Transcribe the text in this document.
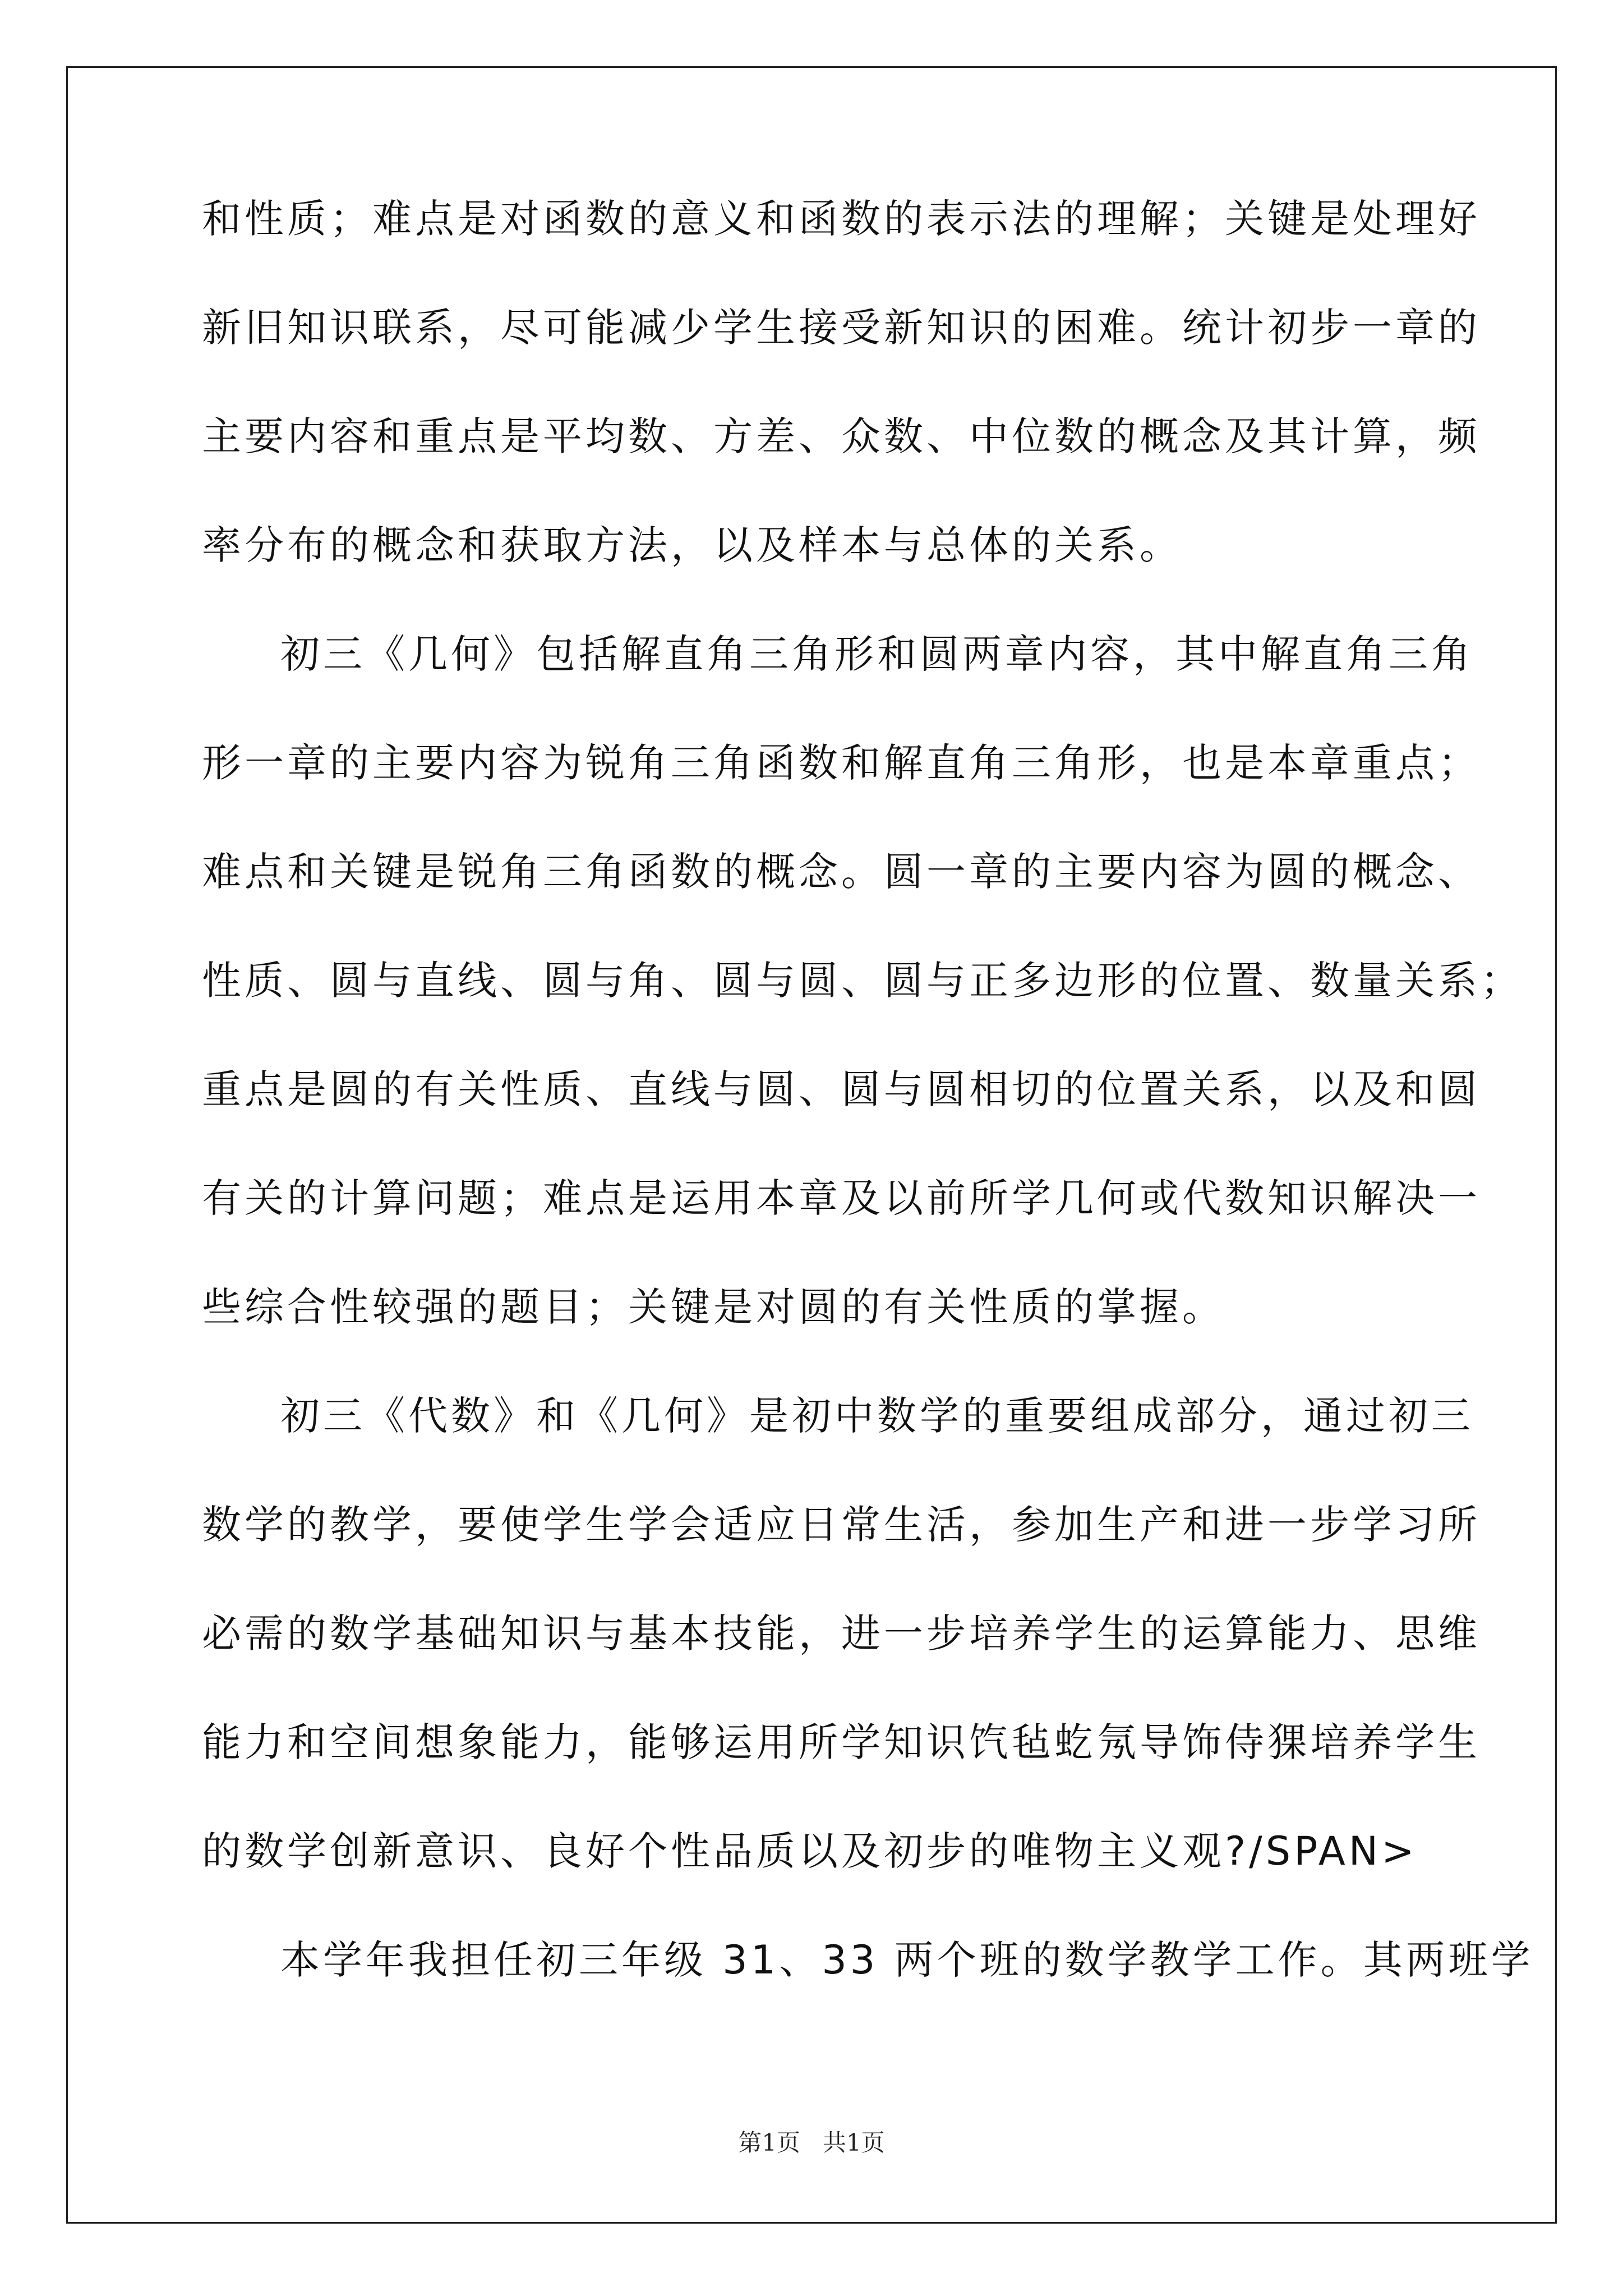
和性质；难点是对函数的意义和函数的表示法的理解；关键是处理好
新旧知识联系，尽可能减少学生接受新知识的困难。统计初步一章的
主要内容和重点是平均数、方差、众数、中位数的概念及其计算，频
率分布的概念和获取方法，以及样本与总体的关系。
初三《几何》包括解直角三角形和圆两章内容，其中解直角三角
形一章的主要内容为锐角三角函数和解直角三角形，也是本章重点；
难点和关键是锐角三角函数的概念。圆一章的主要内容为圆的概念、
性质、圆与直线、圆与角、圆与圆、圆与正多边形的位置、数量关系；
重点是圆的有关性质、直线与圆、圆与圆相切的位置关系，以及和圆
有关的计算问题；难点是运用本章及以前所学几何或代数知识解决一
些综合性较强的题目；关键是对圆的有关性质的掌握。
初三《代数》和《几何》是初中数学的重要组成部分，通过初三
数学的教学，要使学生学会适应日常生活，参加生产和进一步学习所
必需的数学基础知识与基本技能，进一步培养学生的运算能力、思维
能力和空间想象能力，能够运用所学知识饩毡虼氖导饰侍猓培养学生
的数学创新意识、良好个性品质以及初步的唯物主义观?/SPAN>
本学年我担任初三年级 31、33 两个班的数学教学工作。其两班学
第1页 共1页
